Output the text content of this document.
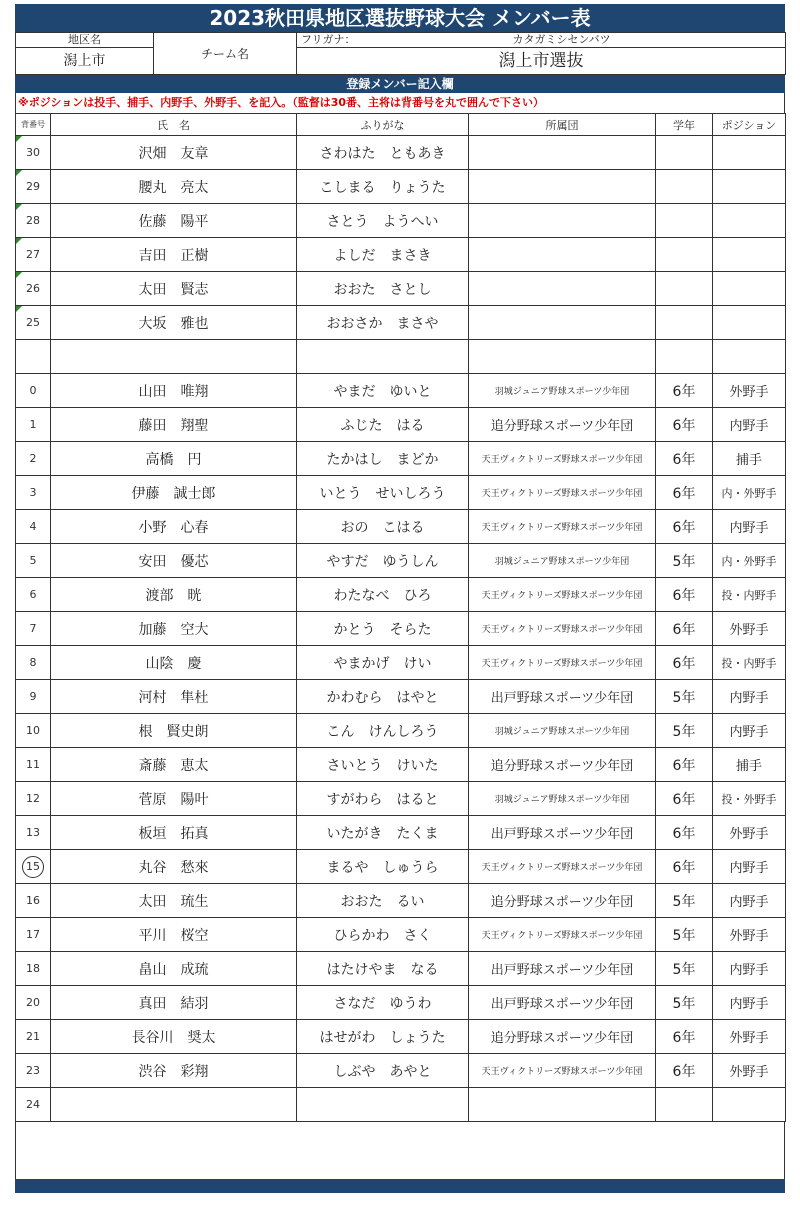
2023秋田県地区選抜野球大会 メンバー表
地区名	チーム名	フリガナ： カタガミシセンバツ
潟上市		潟上市選抜
登録メンバー記入欄
※ポジションは投手、捕手、内野手、外野手、を記入。（監督は30番、主将は背番号を丸で囲んで下さい）
背番号	氏　名	ふりがな	所属団	学年	ポジション

30	沢畑　友章	さわはた　ともあき			

29	腰丸　亮太	こしまる　りょうた			

28	佐藤　陽平	さとう　ようへい			

27	吉田　正樹	よしだ　まさき			

26	太田　賢志	おおた　さとし			

25	大坂　雅也	おおさか　まさや			

0	山田　唯翔	やまだ　ゆいと	羽城ジュニア野球スポーツ少年団	6年	外野手
1	藤田　翔聖	ふじた　はる	追分野球スポーツ少年団	6年	内野手
2	高橋　円	たかはし　まどか	天王ヴィクトリーズ野球スポーツ少年団	6年	捕手
3	伊藤　誠士郎	いとう　せいしろう	天王ヴィクトリーズ野球スポーツ少年団	6年	内・外野手
4	小野　心春	おの　こはる	天王ヴィクトリーズ野球スポーツ少年団	6年	内野手
5	安田　優芯	やすだ　ゆうしん	羽城ジュニア野球スポーツ少年団	5年	内・外野手
6	渡部　晄	わたなべ　ひろ	天王ヴィクトリーズ野球スポーツ少年団	6年	投・内野手
7	加藤　空大	かとう　そらた	天王ヴィクトリーズ野球スポーツ少年団	6年	外野手
8	山陰　慶	やまかげ　けい	天王ヴィクトリーズ野球スポーツ少年団	6年	投・内野手
9	河村　隼杜	かわむら　はやと	出戸野球スポーツ少年団	5年	内野手
10	根　賢史朗	こん　けんしろう	羽城ジュニア野球スポーツ少年団	5年	内野手
11	斎藤　恵太	さいとう　けいた	追分野球スポーツ少年団	6年	捕手
12	菅原　陽叶	すがわら　はると	羽城ジュニア野球スポーツ少年団	6年	投・外野手
13	板垣　拓真	いたがき　たくま	出戸野球スポーツ少年団	6年	外野手
15	丸谷　愁來	まるや　しゅうら	天王ヴィクトリーズ野球スポーツ少年団	6年	内野手
16	太田　琉生	おおた　るい	追分野球スポーツ少年団	5年	内野手
17	平川　桜空	ひらかわ　さく	天王ヴィクトリーズ野球スポーツ少年団	5年	外野手
18	畠山　成琉	はたけやま　なる	出戸野球スポーツ少年団	5年	内野手
20	真田　結羽	さなだ　ゆうわ	出戸野球スポーツ少年団	5年	内野手
21	長谷川　奨太	はせがわ　しょうた	追分野球スポーツ少年団	6年	外野手
23	渋谷　彩翔	しぶや　あやと	天王ヴィクトリーズ野球スポーツ少年団	6年	外野手
24					
